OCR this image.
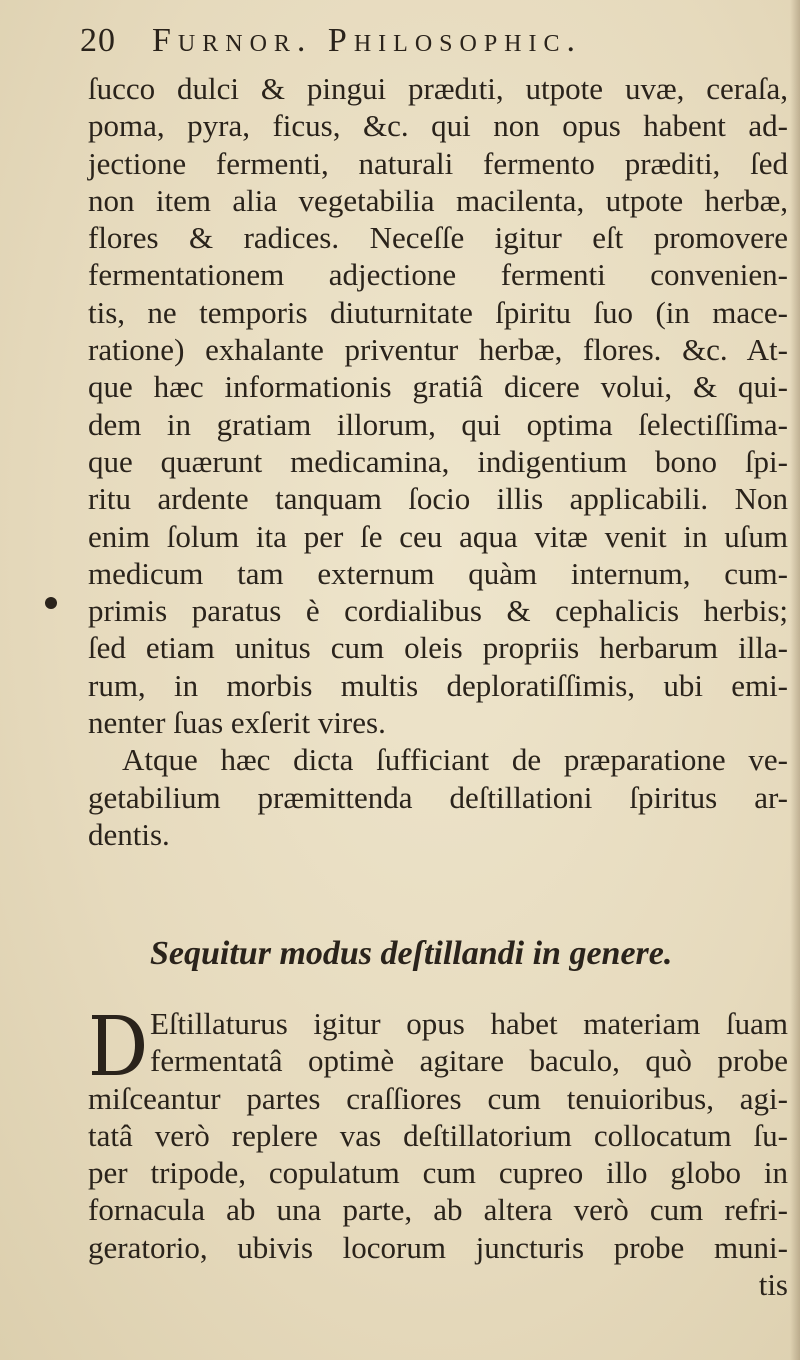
20 Furnor. Philosophic.
ſucco dulci & pingui prædıti, utpote uvæ, ceraſa,
poma, pyra, ficus, &c. qui non opus habent ad-
jectione fermenti, naturali fermento præditi, ſed
non item alia vegetabilia macilenta, utpote herbæ,
flores & radices. Neceſſe igitur eſt promovere
fermentationem adjectione fermenti convenien-
tis, ne temporis diuturnitate ſpiritu ſuo (in mace-
ratione) exhalante priventur herbæ, flores. &c. At-
que hæc informationis gratiâ dicere volui, & qui-
dem in gratiam illorum, qui optima ſelectiſſima-
que quærunt medicamina, indigentium bono ſpi-
ritu ardente tanquam ſocio illis applicabili. Non
enim ſolum ita per ſe ceu aqua vitæ venit in uſum
medicum tam externum quàm internum, cum-
primis paratus è cordialibus & cephalicis herbis;
ſed etiam unitus cum oleis propriis herbarum illa-
rum, in morbis multis deploratiſſimis, ubi emi-
nenter ſuas exſerit vires.
Atque hæc dicta ſufficiant de præparatione ve-
getabilium præmittenda deſtillationi ſpiritus ar-
dentis.
Sequitur modus deſtillandi in genere.
Eſtillaturus igitur opus habet materiam ſuam
fermentatâ optimè agitare baculo, quò probe
miſceantur partes craſſiores cum tenuioribus, agi-
tatâ verò replere vas deſtillatorium collocatum ſu-
per tripode, copulatum cum cupreo illo globo in
fornacula ab una parte, ab altera verò cum refri-
geratorio, ubivis locorum juncturis probe muni-
tis
